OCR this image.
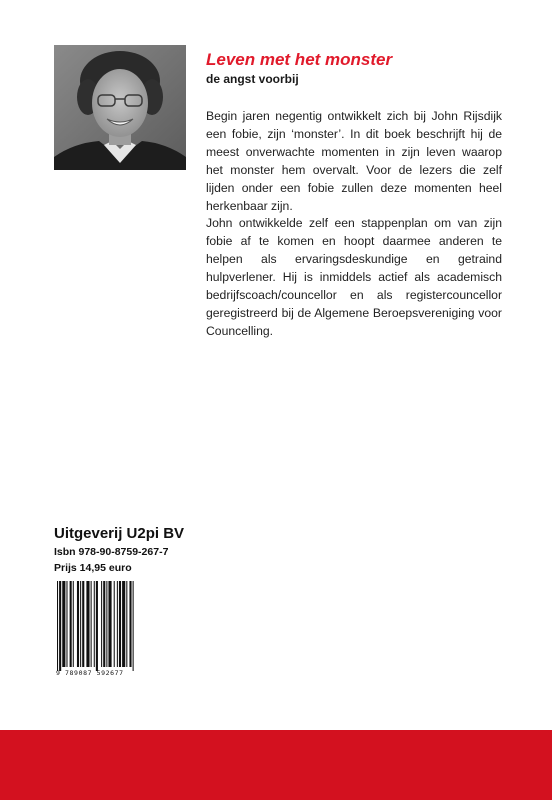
Leven met het monster
de angst voorbij

Begin jaren negentig ontwikkelt zich bij John Rijsdijk een fobie, zijn ‘monster’. In dit boek beschrijft hij de meest onverwachte momenten in zijn leven waarop het monster hem overvalt. Voor de lezers die zelf lijden onder een fobie zullen deze momenten heel herkenbaar zijn.

John ontwikkelde zelf een stappenplan om van zijn fobie af te komen en hoopt daarmee anderen te helpen als ervaringsdeskundige en getraind hulpverlener. Hij is inmiddels actief als academisch bedrijfscoach/councellor en als registercouncellor geregistreerd bij de Algemene Beroepsvereniging voor Councelling.

Uitgeverij U2pi BV
Isbn 978-90-8759-267-7
Prijs 14,95 euro
9 789087 592677
